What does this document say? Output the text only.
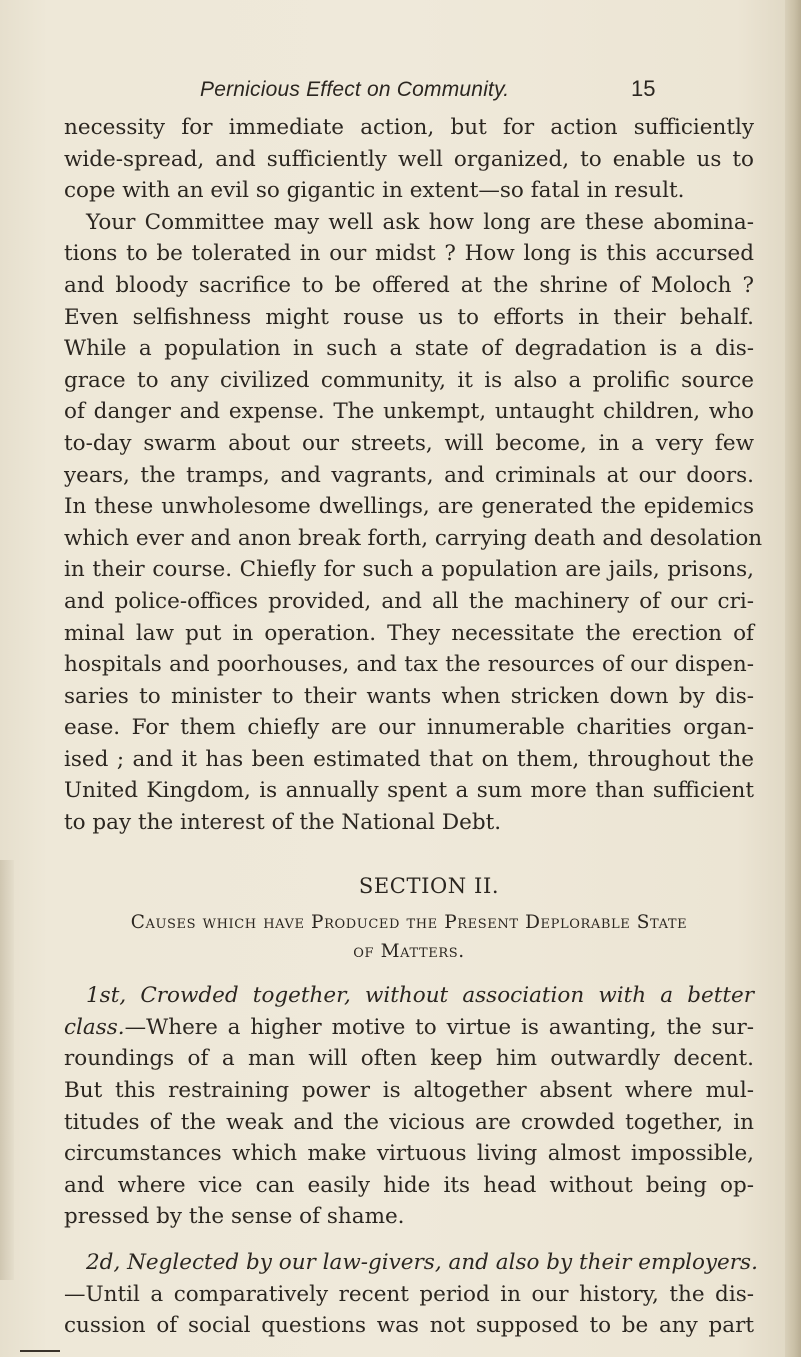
Pernicious Effect on Community.	15
necessity for immediate action, but for action sufficiently
wide-spread, and sufficiently well organized, to enable us to
cope with an evil so gigantic in extent—so fatal in result.
Your Committee may well ask how long are these abomina-
tions to be tolerated in our midst ? How long is this accursed
and bloody sacrifice to be offered at the shrine of Moloch ?
Even selfishness might rouse us to efforts in their behalf.
While a population in such a state of degradation is a dis-
grace to any civilized community, it is also a prolific source
of danger and expense. The unkempt, untaught children, who
to-day swarm about our streets, will become, in a very few
years, the tramps, and vagrants, and criminals at our doors.
In these unwholesome dwellings, are generated the epidemics
which ever and anon break forth, carrying death and desolation
in their course. Chiefly for such a population are jails, prisons,
and police-offices provided, and all the machinery of our cri-
minal law put in operation. They necessitate the erection of
hospitals and poorhouses, and tax the resources of our dispen-
saries to minister to their wants when stricken down by dis-
ease. For them chiefly are our innumerable charities organ-
ised ; and it has been estimated that on them, throughout the
United Kingdom, is annually spent a sum more than sufficient
to pay the interest of the National Debt.
SECTION II.
Causes which have Produced the Present Deplorable State
of Matters.
1st, Crowded together, without association with a better
class.—Where a higher motive to virtue is awanting, the sur-
roundings of a man will often keep him outwardly decent.
But this restraining power is altogether absent where mul-
titudes of the weak and the vicious are crowded together, in
circumstances which make virtuous living almost impossible,
and where vice can easily hide its head without being op-
pressed by the sense of shame.
2d, Neglected by our law-givers, and also by their employers.
—Until a comparatively recent period in our history, the dis-
cussion of social questions was not supposed to be any part
